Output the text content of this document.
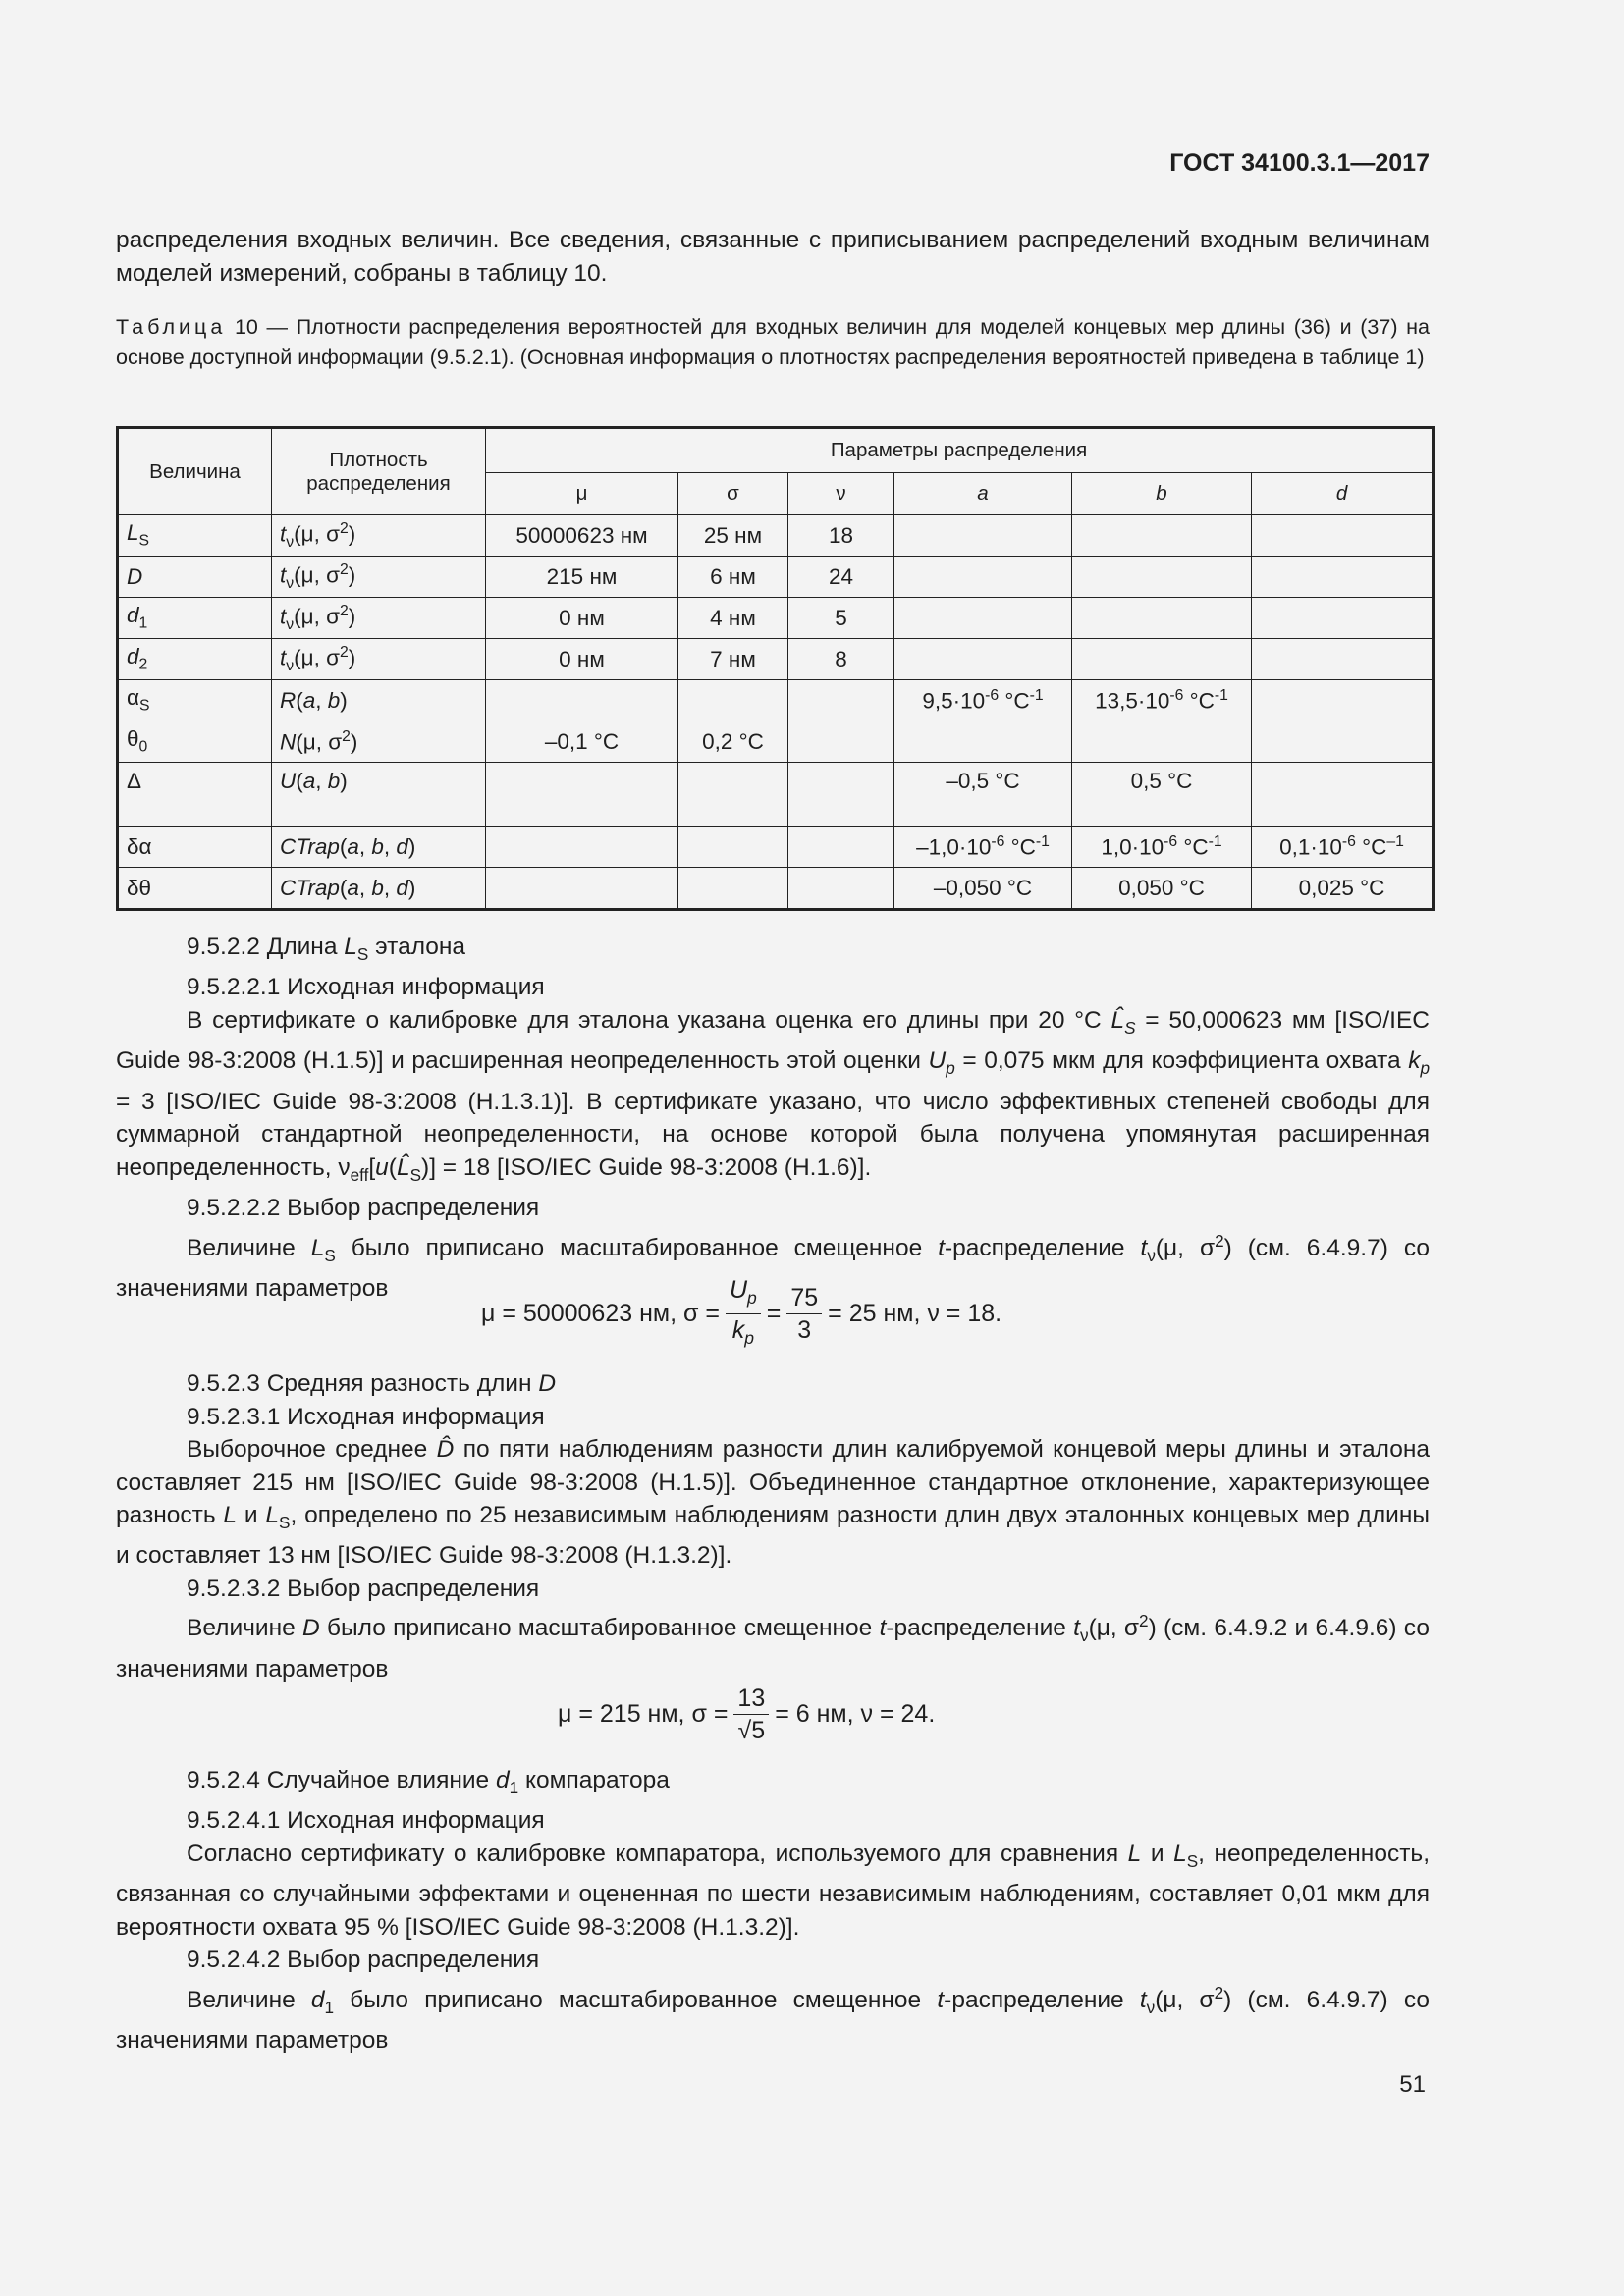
ГОСТ 34100.3.1—2017

распределения входных величин. Все сведения, связанные с приписыванием распределений входным величинам моделей измерений, собраны в таблицу 10.

Таблица 10 — Плотности распределения вероятностей для входных величин для моделей концевых мер длины (36) и (37) на основе доступной информации (9.5.2.1). (Основная информация о плотностях распределения вероятностей приведена в таблице 1)
Величина	Плотность распределения	Параметры распределения					
		μ	σ	ν	a	b	d
$L_S$	$t_\nu(\mu$, $\sigma^2$)	50000623 нм	25 нм	18			
D	$t_\nu(\mu$, $\sigma^2$)	215 нм	6 нм	24			
$d_1$	$t_\nu(\mu$, $\sigma^2$)	0 нм	4 нм	5			
$d_2$	$t_\nu(\mu$, $\sigma^2$)	0 нм	7 нм	8			
$\alpha_S$	R(a, b)				$9,5\cdot 10^{-6}$ $^\circ C^{-1}$	$13,5\cdot 10^{-6}$ $^\circ C^{-1}$	
$\theta_0$	N(μ, $\sigma^2$)	–0,1 °C	0,2 °C				
Δ	U(a, b)				–0,5 °C	0,5 °C	
δα	CTrap(a, b, d)				$-1,0\cdot 10^{-6}$ $^\circ C^{-1}$	$1,0\cdot 10^{-6}$ $^\circ C^{-1}$	$0,1\cdot 10^{-6}$ $^\circ C^{-1}$
δθ	CTrap(a, b, d)				–0,050 °C	0,050 °C	0,025 °C

9.5.2.2 Длина $L_S$ эталона

9.5.2.2.1 Исходная информация

В сертификате о калибровке для эталона указана оценка его длины при 20 °C $L̂_S = 50,000623$ мм [ISO/IEC Guide 98-3:2008 (H.1.5)] и расширенная неопределенность этой оценки $U_p = 0,075$ мкм для коэффициента охвата $k_p = 3$ [ISO/IEC Guide 98-3:2008 (H.1.3.1)]. В сертификате указано, что число эффективных степеней свободы для суммарной стандартной неопределенности, на основе которой была получена упомянутая расширенная неопределенность, $\nu_{eff}[u(L̂_S)] = 18$ [ISO/IEC Guide 98-3:2008 (H.1.6)].

9.5.2.2.2 Выбор распределения

Величине $L_S$ было приписано масштабированное смещенное t-распределение $t_\nu(\mu$, $\sigma^2$) (см. 6.4.9.7) со значениями параметров

μ = 50000623 нм, $\sigma = \frac{U_p}{k_p} = \frac{75}{3} = 25$ нм, ν = 18.

9.5.2.3 Средняя разность длин D

9.5.2.3.1 Исходная информация

Выборочное среднее D̂ по пяти наблюдениям разности длин калибруемой концевой меры длины и эталона составляет 215 нм [ISO/IEC Guide 98-3:2008 (H.1.5)]. Объединенное стандартное отклонение, характеризующее разность L и $L_S$, определено по 25 независимым наблюдениям разности длин двух эталонных концевых мер длины и составляет 13 нм [ISO/IEC Guide 98-3:2008 (H.1.3.2)].

9.5.2.3.2 Выбор распределения

Величине D было приписано масштабированное смещенное t-распределение $t_\nu(\mu$, $\sigma^2$) (см. 6.4.9.2 и 6.4.9.6) со значениями параметров

μ = 215 нм, $\sigma = \frac{13}{√5} = 6$ нм, ν = 24.

9.5.2.4 Случайное влияние $d_1$ компаратора

9.5.2.4.1 Исходная информация

Согласно сертификату о калибровке компаратора, используемого для сравнения L и $L_S$, неопределенность, связанная со случайными эффектами и оцененная по шести независимым наблюдениям, составляет 0,01 мкм для вероятности охвата 95 % [ISO/IEC Guide 98-3:2008 (H.1.3.2)].

9.5.2.4.2 Выбор распределения

Величине $d_1$ было приписано масштабированное смещенное t-распределение $t_\nu(\mu$, $\sigma^2$) (см. 6.4.9.7) со значениями параметров

51
